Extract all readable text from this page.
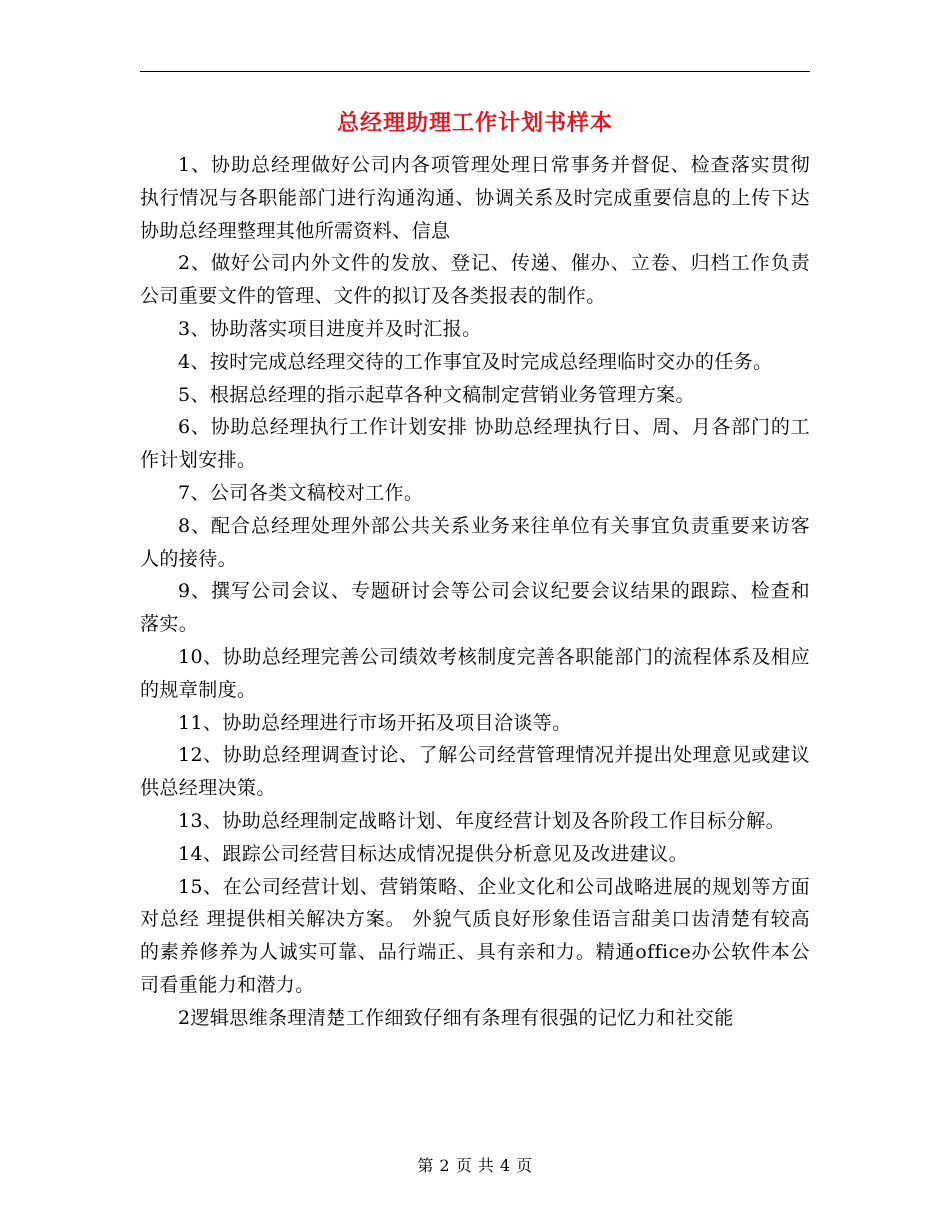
总经理助理工作计划书样本

1、协助总经理做好公司内各项管理处理日常事务并督促、检查落实贯彻执行情况与各职能部门进行沟通沟通、协调关系及时完成重要信息的上传下达协助总经理整理其他所需资料、信息

2、做好公司内外文件的发放、登记、传递、催办、立卷、归档工作负责公司重要文件的管理、文件的拟订及各类报表的制作。

3、协助落实项目进度并及时汇报。

4、按时完成总经理交待的工作事宜及时完成总经理临时交办的任务。

5、根据总经理的指示起草各种文稿制定营销业务管理方案。

6、协助总经理执行工作计划安排 协助总经理执行日、周、月各部门的工作计划安排。

7、公司各类文稿校对工作。

8、配合总经理处理外部公共关系业务来往单位有关事宜负责重要来访客人的接待。

9、撰写公司会议、专题研讨会等公司会议纪要会议结果的跟踪、检查和落实。

10、协助总经理完善公司绩效考核制度完善各职能部门的流程体系及相应的规章制度。

11、协助总经理进行市场开拓及项目洽谈等。

12、协助总经理调查讨论、了解公司经营管理情况并提出处理意见或建议供总经理决策。

13、协助总经理制定战略计划、年度经营计划及各阶段工作目标分解。

14、跟踪公司经营目标达成情况提供分析意见及改进建议。

15、在公司经营计划、营销策略、企业文化和公司战略进展的规划等方面对总经 理提供相关解决方案。 外貌气质良好形象佳语言甜美口齿清楚有较高的素养修养为人诚实可靠、品行端正、具有亲和力。精通office办公软件本公司看重能力和潜力。

2逻辑思维条理清楚工作细致仔细有条理有很强的记忆力和社交能

第 2 页 共 4 页
